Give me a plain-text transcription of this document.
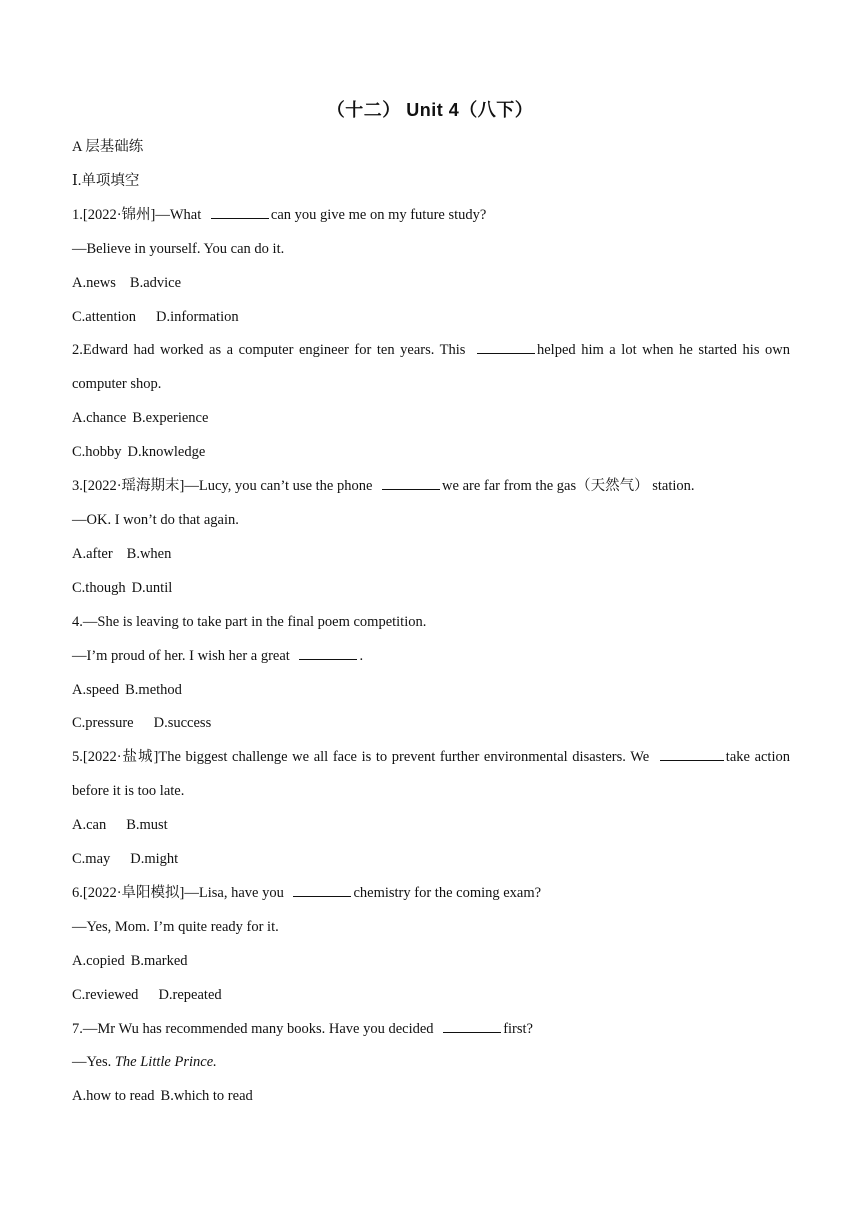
（十二） Unit 4（八下）
A 层基础练
Ⅰ.单项填空
1.[2022·锦州]—What	can you give me on my future study?
—Believe in yourself. You can do it.
A.news B.advice
C.attention D.information
2.Edward had worked as a computer engineer for ten years. This	helped him a lot when he started his own computer shop.
A.chance B.experience
C.hobby D.knowledge
3.[2022·瑶海期末]—Lucy, you can’t use the phone	we are far from the gas（天然气） station.
—OK. I won’t do that again.
A.after B.when
C.though D.until
4.—She is leaving to take part in the final poem competition.
—I’m proud of her. I wish her a great	.
A.speed B.method
C.pressure D.success
5.[2022·盐城]The biggest challenge we all face is to prevent further environmental disasters. We	take action before it is too late.
A.can B.must
C.may D.might
6.[2022·阜阳模拟]—Lisa, have you	chemistry for the coming exam?
—Yes, Mom. I’m quite ready for it.
A.copied B.marked
C.reviewed D.repeated
7.—Mr Wu has recommended many books. Have you decided	first?
—Yes. The Little Prince.
A.how to read B.which to read
